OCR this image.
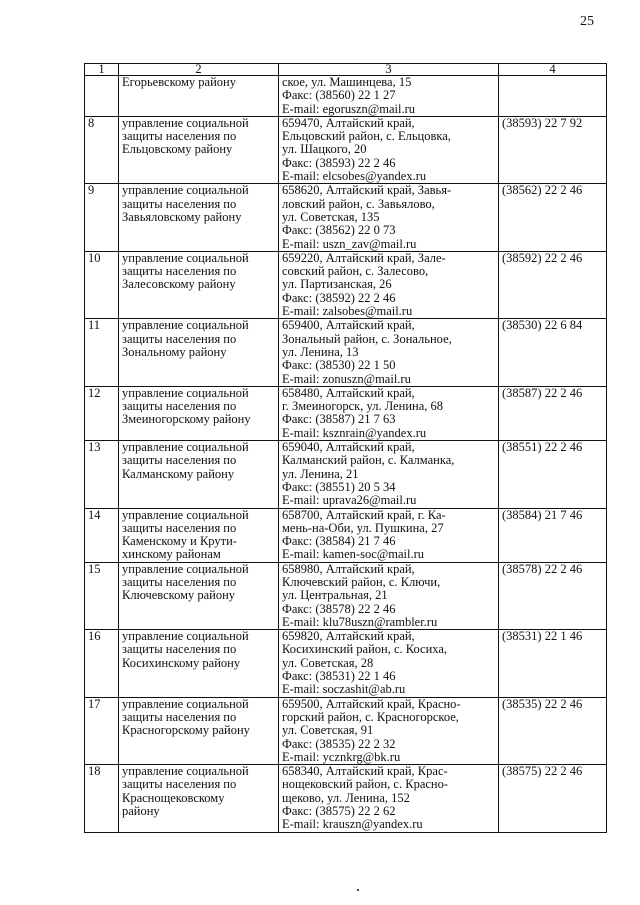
25
1	2	3	4
	Егорьевскому району	ское, ул. Машинцева, 15
Факс: (38560) 22 1 27
E-mail: egoruszn@mail.ru	
8	управление социальной
защиты населения по
Ельцовскому району	659470, Алтайский край,
Ельцовский район, с. Ельцовка,
ул. Шацкого, 20
Факс: (38593) 22 2 46
E-mail: elcsobes@yandex.ru	(38593) 22 7 92
9	управление социальной
защиты населения по
Завьяловскому району	658620, Алтайский край, Завья-
ловский район, с. Завьялово,
ул. Советская, 135
Факс: (38562) 22 0 73
E-mail: uszn_zav@mail.ru	(38562) 22 2 46
10	управление социальной
защиты населения по
Залесовскому району	659220, Алтайский край, Зале-
совский район, с. Залесово,
ул. Партизанская, 26
Факс: (38592) 22 2 46
E-mail: zalsobes@mail.ru	(38592) 22 2 46
11	управление социальной
защиты населения по
Зональному району	659400, Алтайский край,
Зональный район, с. Зональное,
ул. Ленина, 13
Факс: (38530) 22 1 50
E-mail: zonuszn@mail.ru	(38530) 22 6 84
12	управление социальной
защиты населения по
Змеиногорскому району	658480, Алтайский край,
г. Змеиногорск, ул. Ленина, 68
Факс: (38587) 21 7 63
E-mail: ksznrain@yandex.ru	(38587) 22 2 46
13	управление социальной
защиты населения по
Калманскому району	659040, Алтайский край,
Калманский район, с. Калманка,
ул. Ленина, 21
Факс: (38551) 20 5 34
E-mail: uprava26@mail.ru	(38551) 22 2 46
14	управление социальной
защиты населения по
Каменскому и Крути-
хинскому районам	658700, Алтайский край, г. Ка-
мень-на-Оби, ул. Пушкина, 27
Факс: (38584) 21 7 46
E-mail: kamen-soc@mail.ru	(38584) 21 7 46
15	управление социальной
защиты населения по
Ключевскому району	658980, Алтайский край,
Ключевский район, с. Ключи,
ул. Центральная, 21
Факс: (38578) 22 2 46
E-mail: klu78uszn@rambler.ru	(38578) 22 2 46
16	управление социальной
защиты населения по
Косихинскому району	659820, Алтайский край,
Косихинский район, с. Косиха,
ул. Советская, 28
Факс: (38531) 22 1 46
E-mail: soczashit@ab.ru	(38531) 22 1 46
17	управление социальной
защиты населения по
Красногорскому району	659500, Алтайский край, Красно-
горский район, с. Красногорское,
ул. Советская, 91
Факс: (38535) 22 2 32
E-mail: ycznkrg@bk.ru	(38535) 22 2 46
18	управление социальной
защиты населения по
Краснощековскому
району	658340, Алтайский край, Крас-
нощековский район, с. Красно-
щеково, ул. Ленина, 152
Факс: (38575) 22 2 62
E-mail: krauszn@yandex.ru	(38575) 22 2 46
